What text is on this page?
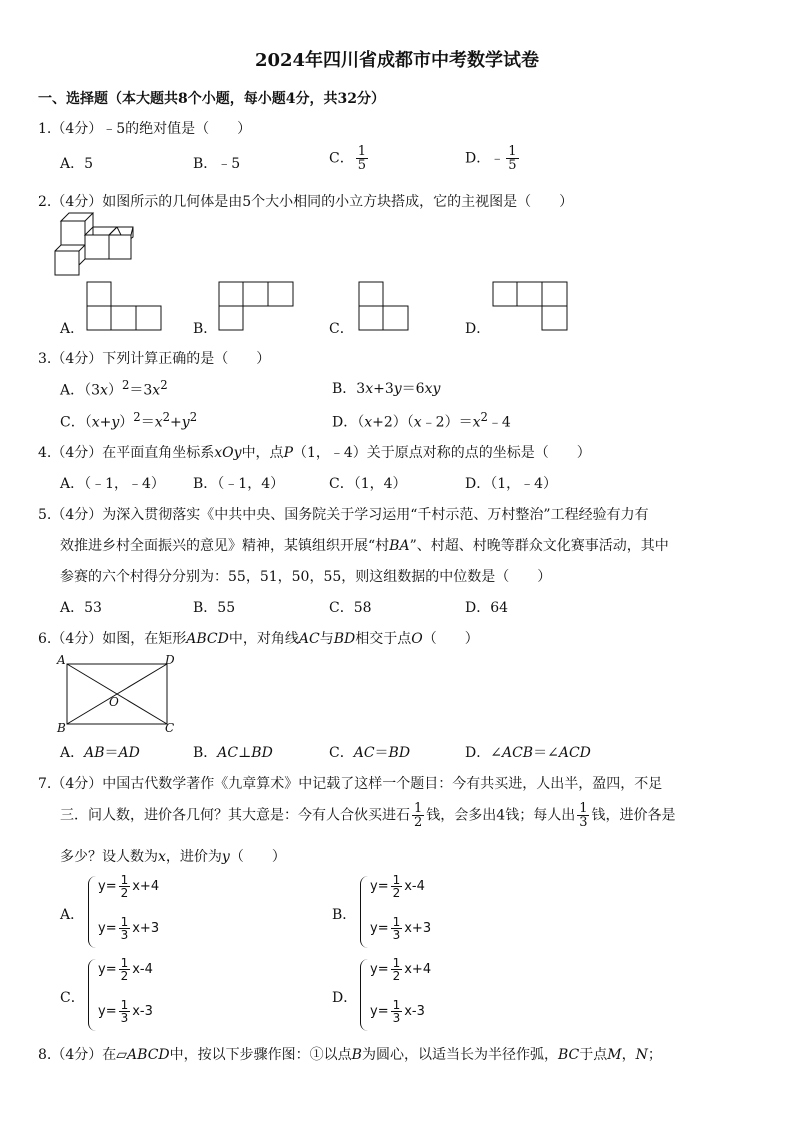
2024年四川省成都市中考数学试卷
一、选择题（本大题共8个小题，每小题4分，共32分）
1.（4分）﹣5的绝对值是（　　）
A．5	B．﹣5	C． $\frac{1}{5}$	D．﹣ $\frac{1}{5}$
2.（4分）如图所示的几何体是由5个大小相同的小立方块搭成，它的主视图是（　　）
A．	B．	C．	D．
3.（4分）下列计算正确的是（　　）
A．$(3x)^2=3x^2$	B．3x+3y＝6xy
C．$(x+y)^2=x^2+y^2$	D．$(x+2)(x﹣2)=x^2﹣4$
4.（4分）在平面直角坐标系xOy中，点P（1，﹣4）关于原点对称的点的坐标是（　　）
A．（﹣1，﹣4） B．（﹣1，4）	C．（1，4）	D．（1，﹣4）
5.（4分）为深入贯彻落实《中共中央、国务院关于学习运用“千村示范、万村整治”工程经验有力有
效推进乡村全面振兴的意见》精神，某镇组织开展“村BA”、村超、村晚等群众文化赛事活动，其中
参赛的六个村得分分别为：55，51，50，55，则这组数据的中位数是（　　）
A．53	B．55	C．58	D．64
6.（4分）如图，在矩形ABCD中，对角线AC与BD相交于点O（　　）
A	D
B	C
O
A．AB＝AD	B．AC⊥BD	C．AC＝BD	D．∠ACB＝∠ACD
7.（4分）中国古代数学著作《九章算术》中记载了这样一个题目：今有共买进，人出半，盈四，不足
三．问人数，进价各几何？其大意是：今有人合伙买进石 $\frac{1}{2}$ 钱，会多出4钱；每人出 $\frac{1}{3}$ 钱，进价各是
多少？设人数为x，进价为y（　　）
A．
$y= \frac{1}{2} x+4$
$y= \frac{1}{3} x+3$
B．
$y= \frac{1}{2} x-4$
$y= \frac{1}{3} x+3$
C．
$y= \frac{1}{2} x-4$
$y= \frac{1}{3} x-3$
D．
$y= \frac{1}{2} x+4$
$y= \frac{1}{3} x-3$
8.（4分）在▱ABCD中，按以下步骤作图：①以点B为圆心，以适当长为半径作弧，BC于点M，N；
